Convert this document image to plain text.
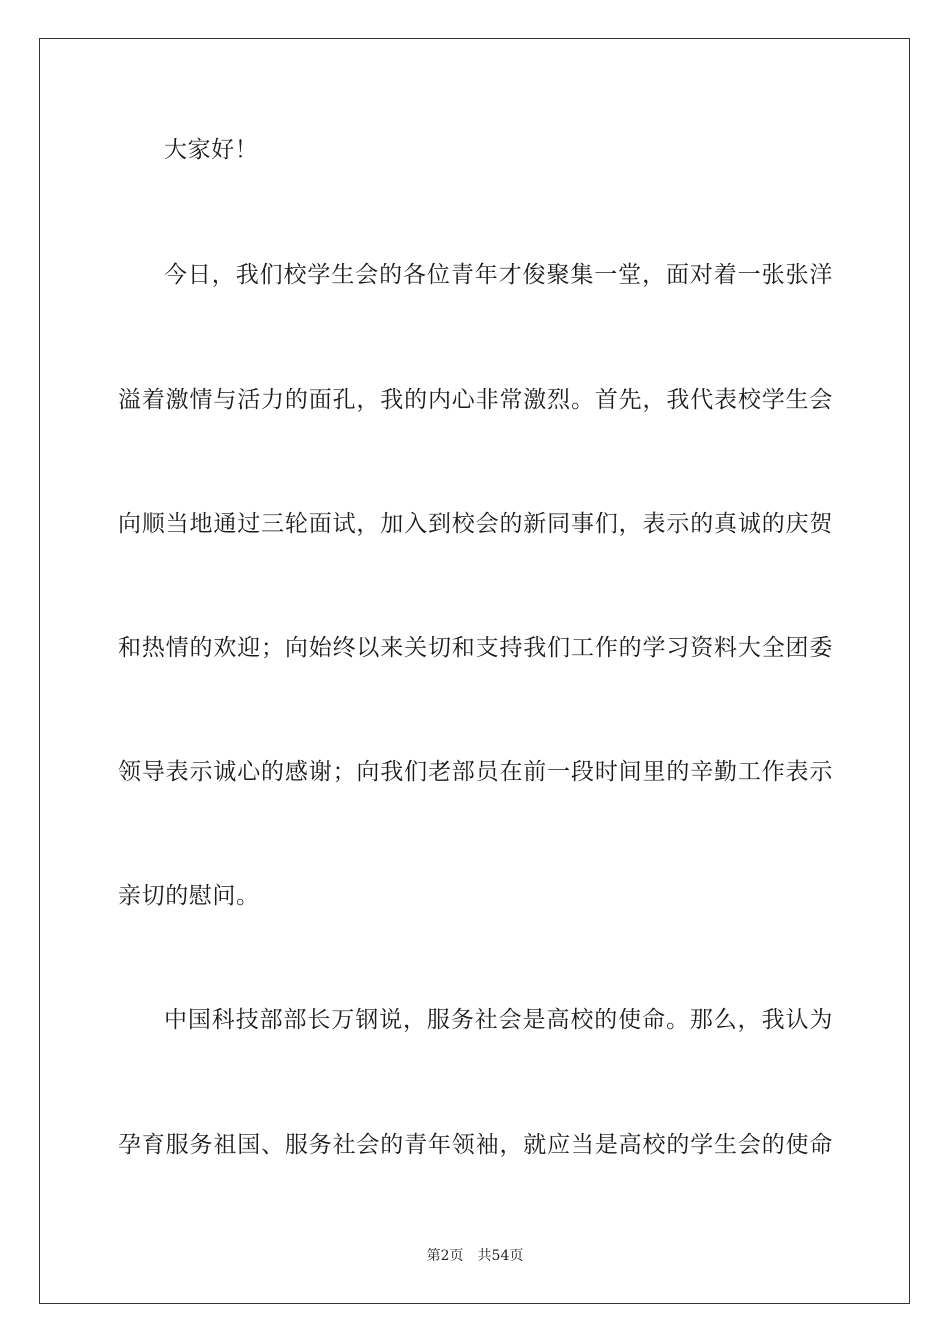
大家好！
今日，我们校学生会的各位青年才俊聚集一堂，面对着一张张洋
溢着激情与活力的面孔，我的内心非常激烈。首先，我代表校学生会
向顺当地通过三轮面试，加入到校会的新同事们，表示的真诚的庆贺
和热情的欢迎；向始终以来关切和支持我们工作的学习资料大全团委
领导表示诚心的感谢；向我们老部员在前一段时间里的辛勤工作表示
亲切的慰问。
中国科技部部长万钢说，服务社会是高校的使命。那么，我认为
孕育服务祖国、服务社会的青年领袖，就应当是高校的学生会的使命
第2页 共54页
